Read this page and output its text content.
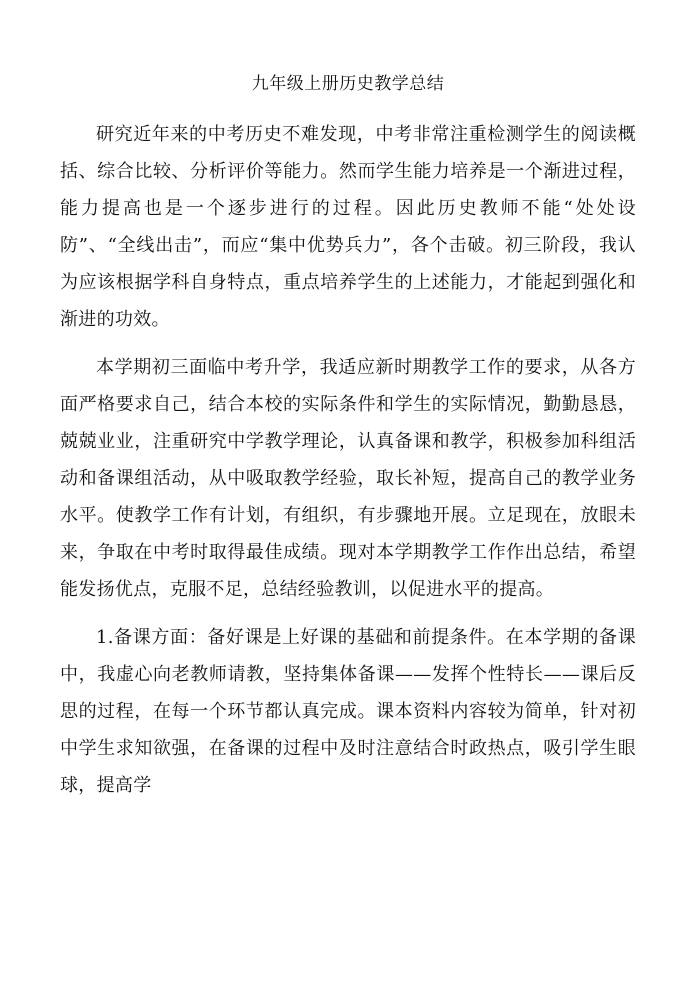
九年级上册历史教学总结

研究近年来的中考历史不难发现，中考非常注重检测学生的阅读概括、综合比较、分析评价等能力。然而学生能力培养是一个渐进过程，能力提高也是一个逐步进行的过程。因此历史教师不能“处处设防”、“全线出击”，而应“集中优势兵力”，各个击破。初三阶段，我认为应该根据学科自身特点，重点培养学生的上述能力，才能起到强化和渐进的功效。

本学期初三面临中考升学，我适应新时期教学工作的要求，从各方面严格要求自己，结合本校的实际条件和学生的实际情况，勤勤恳恳，兢兢业业，注重研究中学教学理论，认真备课和教学，积极参加科组活动和备课组活动，从中吸取教学经验，取长补短，提高自己的教学业务水平。使教学工作有计划，有组织，有步骤地开展。立足现在，放眼未来，争取在中考时取得最佳成绩。现对本学期教学工作作出总结，希望能发扬优点，克服不足，总结经验教训，以促进水平的提高。

1.备课方面：备好课是上好课的基础和前提条件。在本学期的备课中，我虚心向老教师请教，坚持集体备课——发挥个性特长——课后反思的过程，在每一个环节都认真完成。课本资料内容较为简单，针对初中学生求知欲强，在备课的过程中及时注意结合时政热点，吸引学生眼球，提高学
